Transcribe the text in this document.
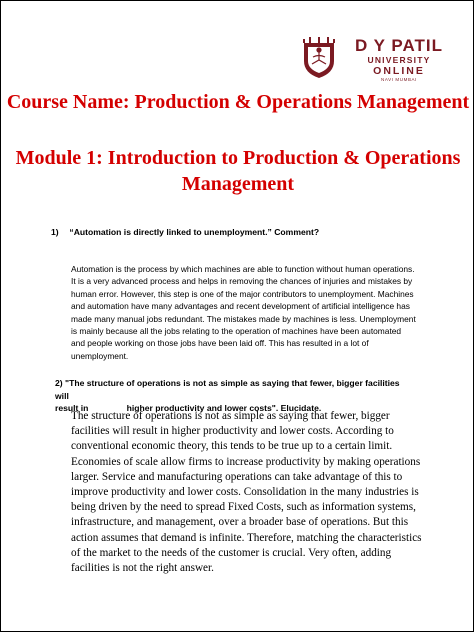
D Y PATIL
UNIVERSITY
ONLINE
NAVI MUMBAI
Course Name: Production & Operations Management
Module 1: Introduction to Production & Operations Management
1) “Automation is directly linked to unemployment.” Comment?

Automation is the process by which machines are able to function without human operations. It is a very advanced process and helps in removing the chances of injuries and mistakes by human error. However, this step is one of the major contributors to unemployment. Machines and automation have many advantages and recent development of artificial intelligence has made many manual jobs redundant. The mistakes made by machines is less. Unemployment is mainly because all the jobs relating to the operation of machines have been automated and people working on those jobs have been laid off. This has resulted in a lot of unemployment.

2) "The structure of operations is not as simple as saying that fewer, bigger facilities will
result in                higher productivity and lower costs". Elucidate.

The structure of operations is not as simple as saying that fewer, bigger facilities will result in higher productivity and lower costs. According to conventional economic theory, this tends to be true up to a certain limit. Economies of scale allow firms to increase productivity by making operations larger. Service and manufacturing operations can take advantage of this to improve productivity and lower costs. Consolidation in the many industries is being driven by the need to spread Fixed Costs, such as information systems, infrastructure, and management, over a broader base of operations. But this action assumes that demand is infinite. Therefore, matching the characteristics of the market to the needs of the customer is crucial. Very often, adding facilities is not the right answer.
